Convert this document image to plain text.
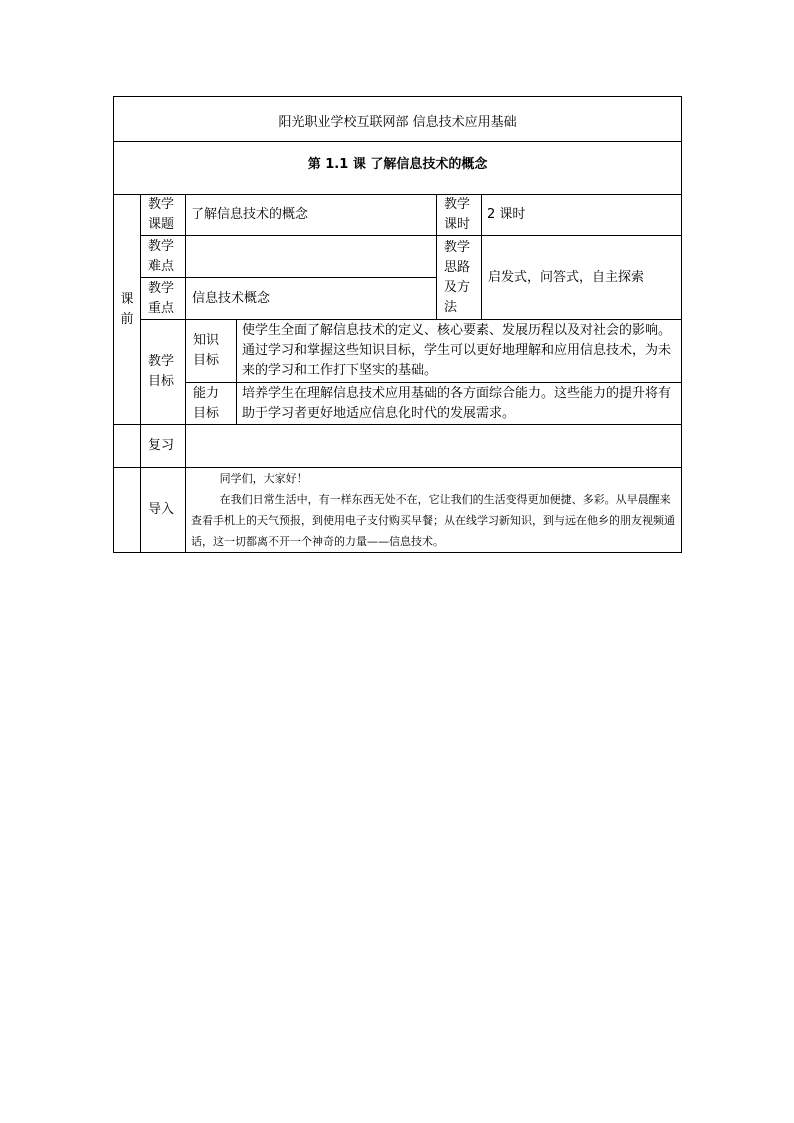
阳光职业学校互联网部 信息技术应用基础					
第 1.1 课 了解信息技术的概念					

课前	教学课题	了解信息技术的概念		教学课时	2 课时

	教学难点			教学思路及方法	启发式，问答式，自主探索

	教学重点	信息技术概念			

	教学目标	知识目标	使学生全面了解信息技术的定义、核心要素、发展历程以及对社会的影响。通过学习和掌握这些知识目标，学生可以更好地理解和应用信息技术，为未来的学习和工作打下坚实的基础。		

		能力目标	培养学生在理解信息技术应用基础的各方面综合能力。这些能力的提升将有助于学习者更好地适应信息化时代的发展需求。		
	复习				
	导入	同学们，大家好！

在我们日常生活中，有一样东西无处不在，它让我们的生活变得更加便捷、多彩。从早晨醒来查看手机上的天气预报，到使用电子支付购买早餐；从在线学习新知识，到与远在他乡的朋友视频通话，这一切都离不开一个神奇的力量——信息技术。			
